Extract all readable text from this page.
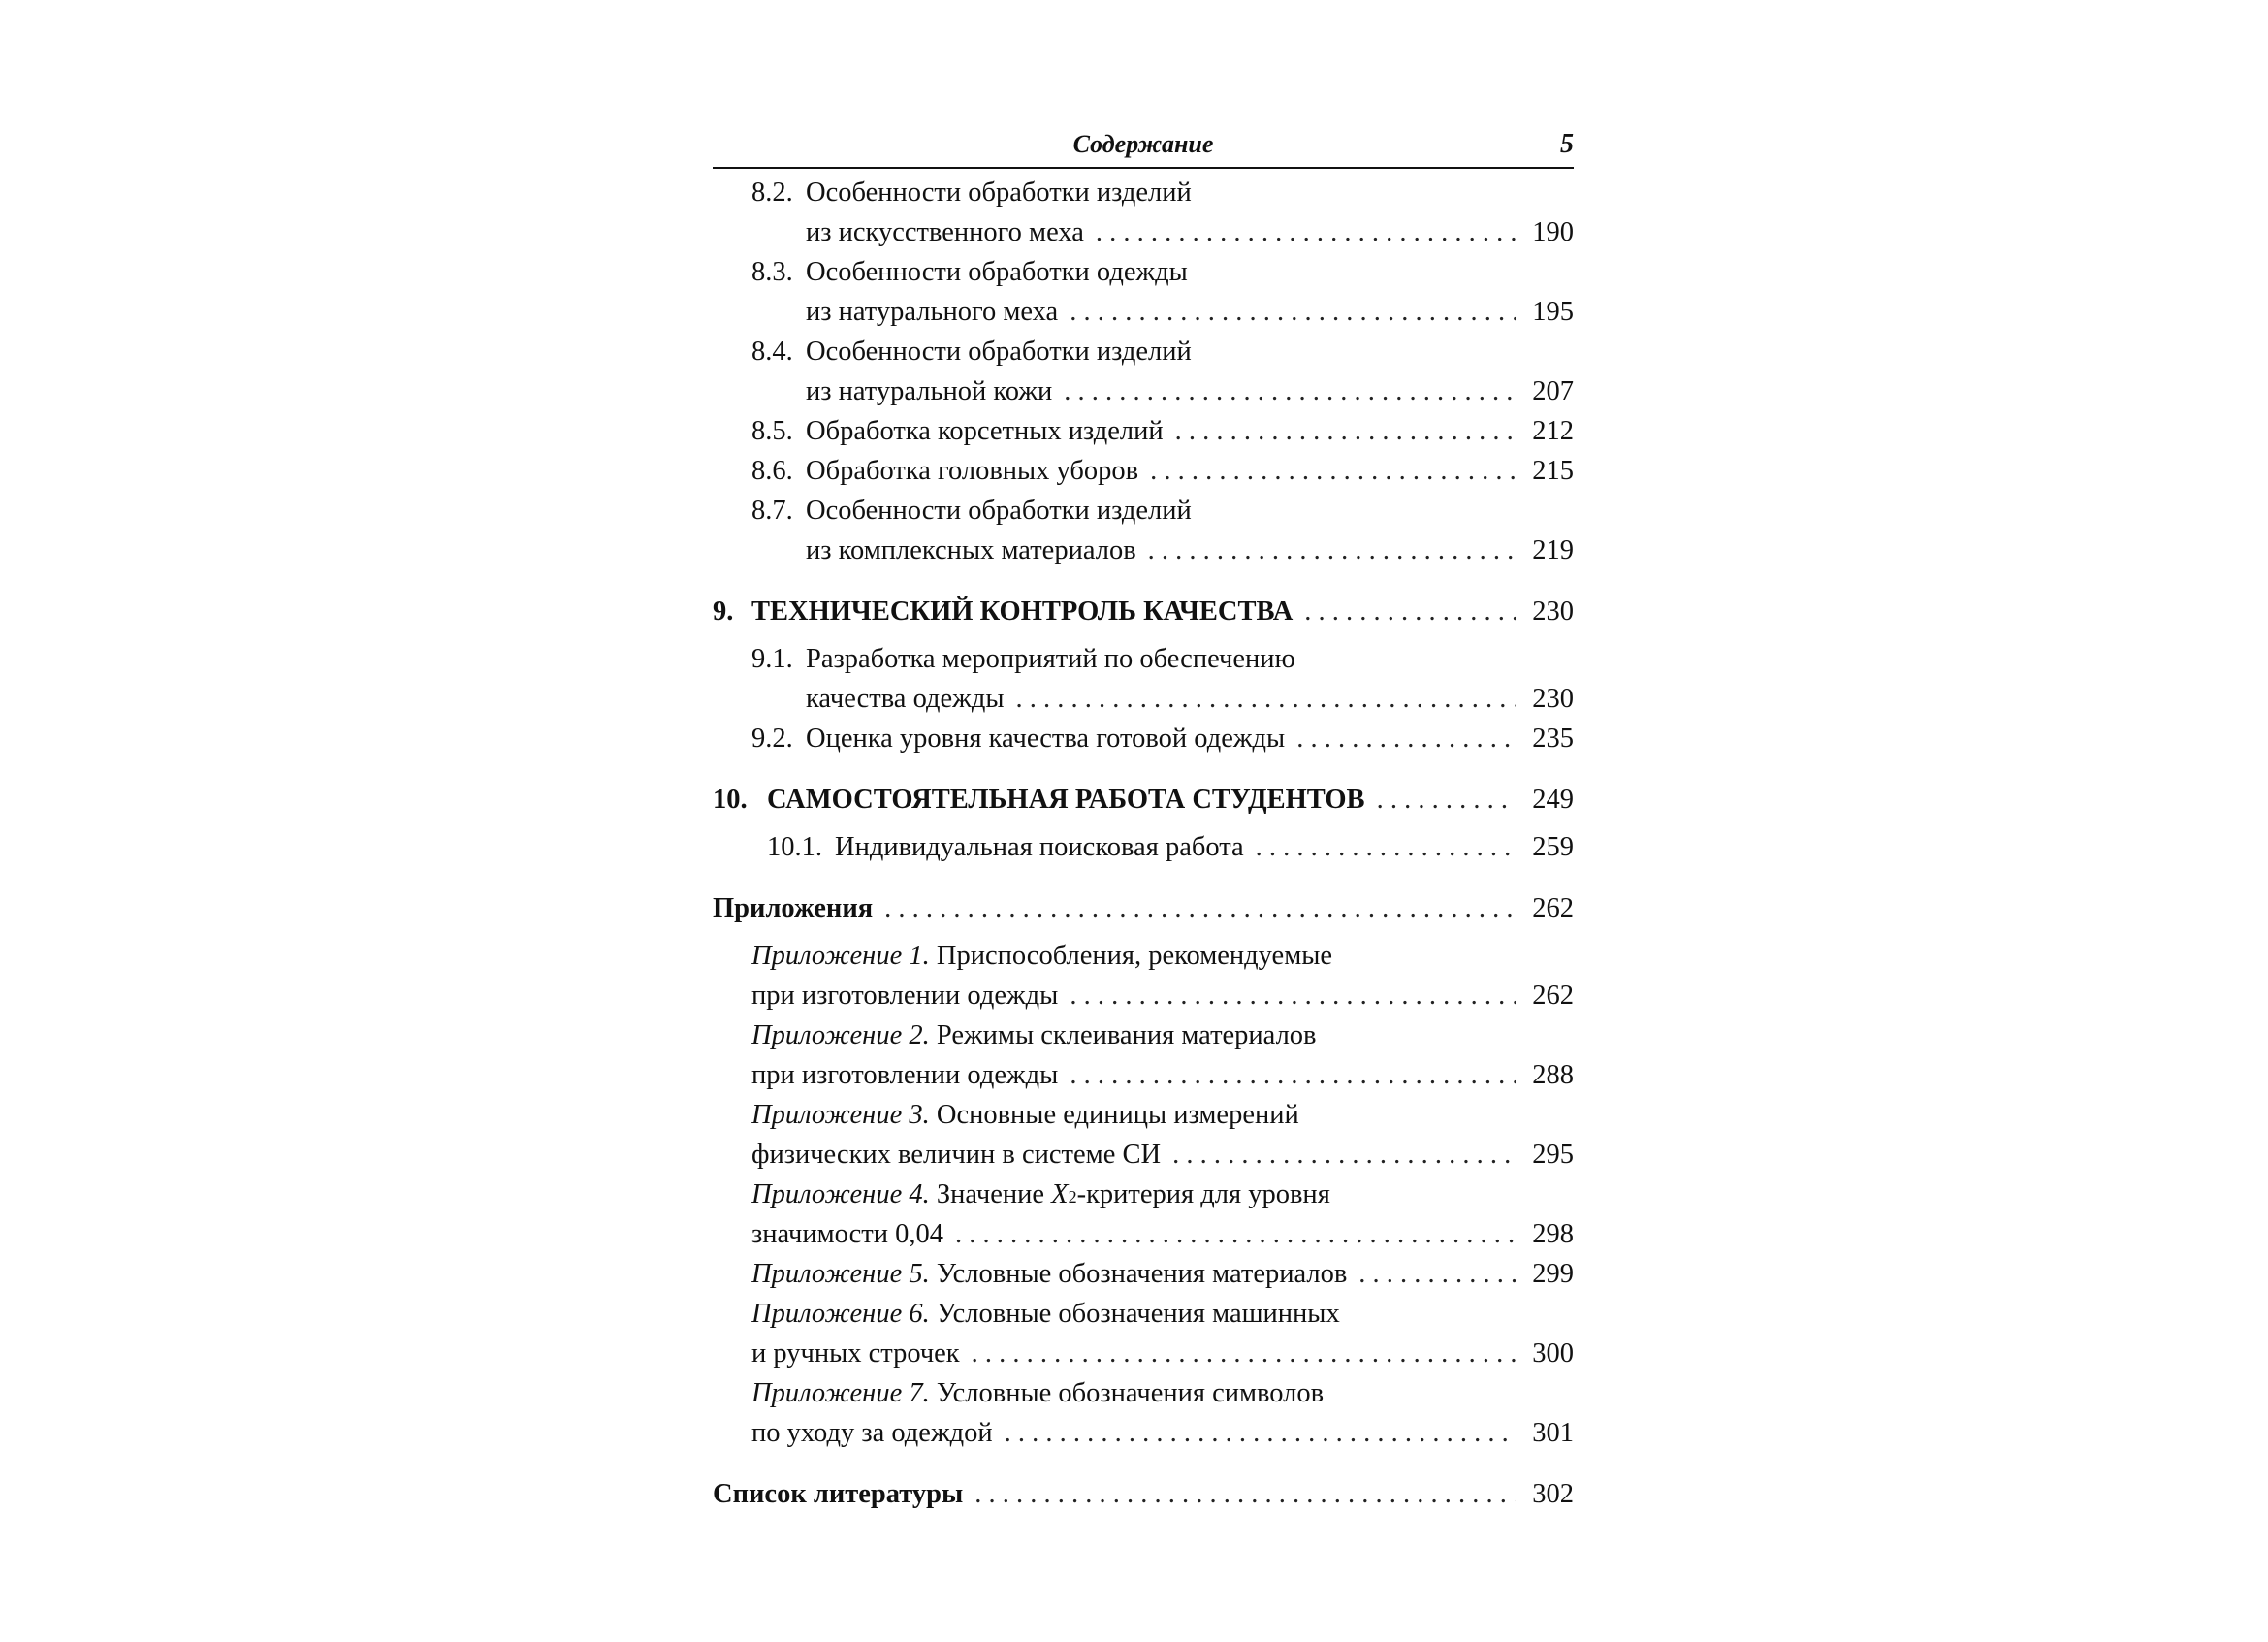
Содержание	5
8.2. Особенности обработки изделий
из искусственного меха . . .	190
8.3. Особенности обработки одежды
из натурального меха . . .	195
8.4. Особенности обработки изделий
из натуральной кожи . . .	207
8.5. Обработка корсетных изделий . . .	212
8.6. Обработка головных уборов . . .	215
8.7. Особенности обработки изделий
из комплексных материалов . . .	219
9. ТЕХНИЧЕСКИЙ КОНТРОЛЬ КАЧЕСТВА . . .	230
9.1. Разработка мероприятий по обеспечению
качества одежды . . .	230
9.2. Оценка уровня качества готовой одежды . . .	235
10. САМОСТОЯТЕЛЬНАЯ РАБОТА СТУДЕНТОВ . . .	249
10.1. Индивидуальная поисковая работа . . .	259
Приложения . . .	262
Приложение 1.
Приспособления, рекомендуемые
при изготовлении одежды . . .	262
Приложение 2.
Режимы склеивания материалов
при изготовлении одежды . . .	288
Приложение 3.
Основные единицы измерений
физических величин в системе СИ . . .	295
Приложение 4.
Значение
X 2 -критерия для уровня
значимости 0,04 . . .	298
Приложение 5.
Условные обозначения материалов . . .	299
Приложение 6.
Условные обозначения машинных
и ручных строчек . . .	300
Приложение 7.
Условные обозначения символов
по уходу за одеждой . . .	301
Список литературы . . .	302
